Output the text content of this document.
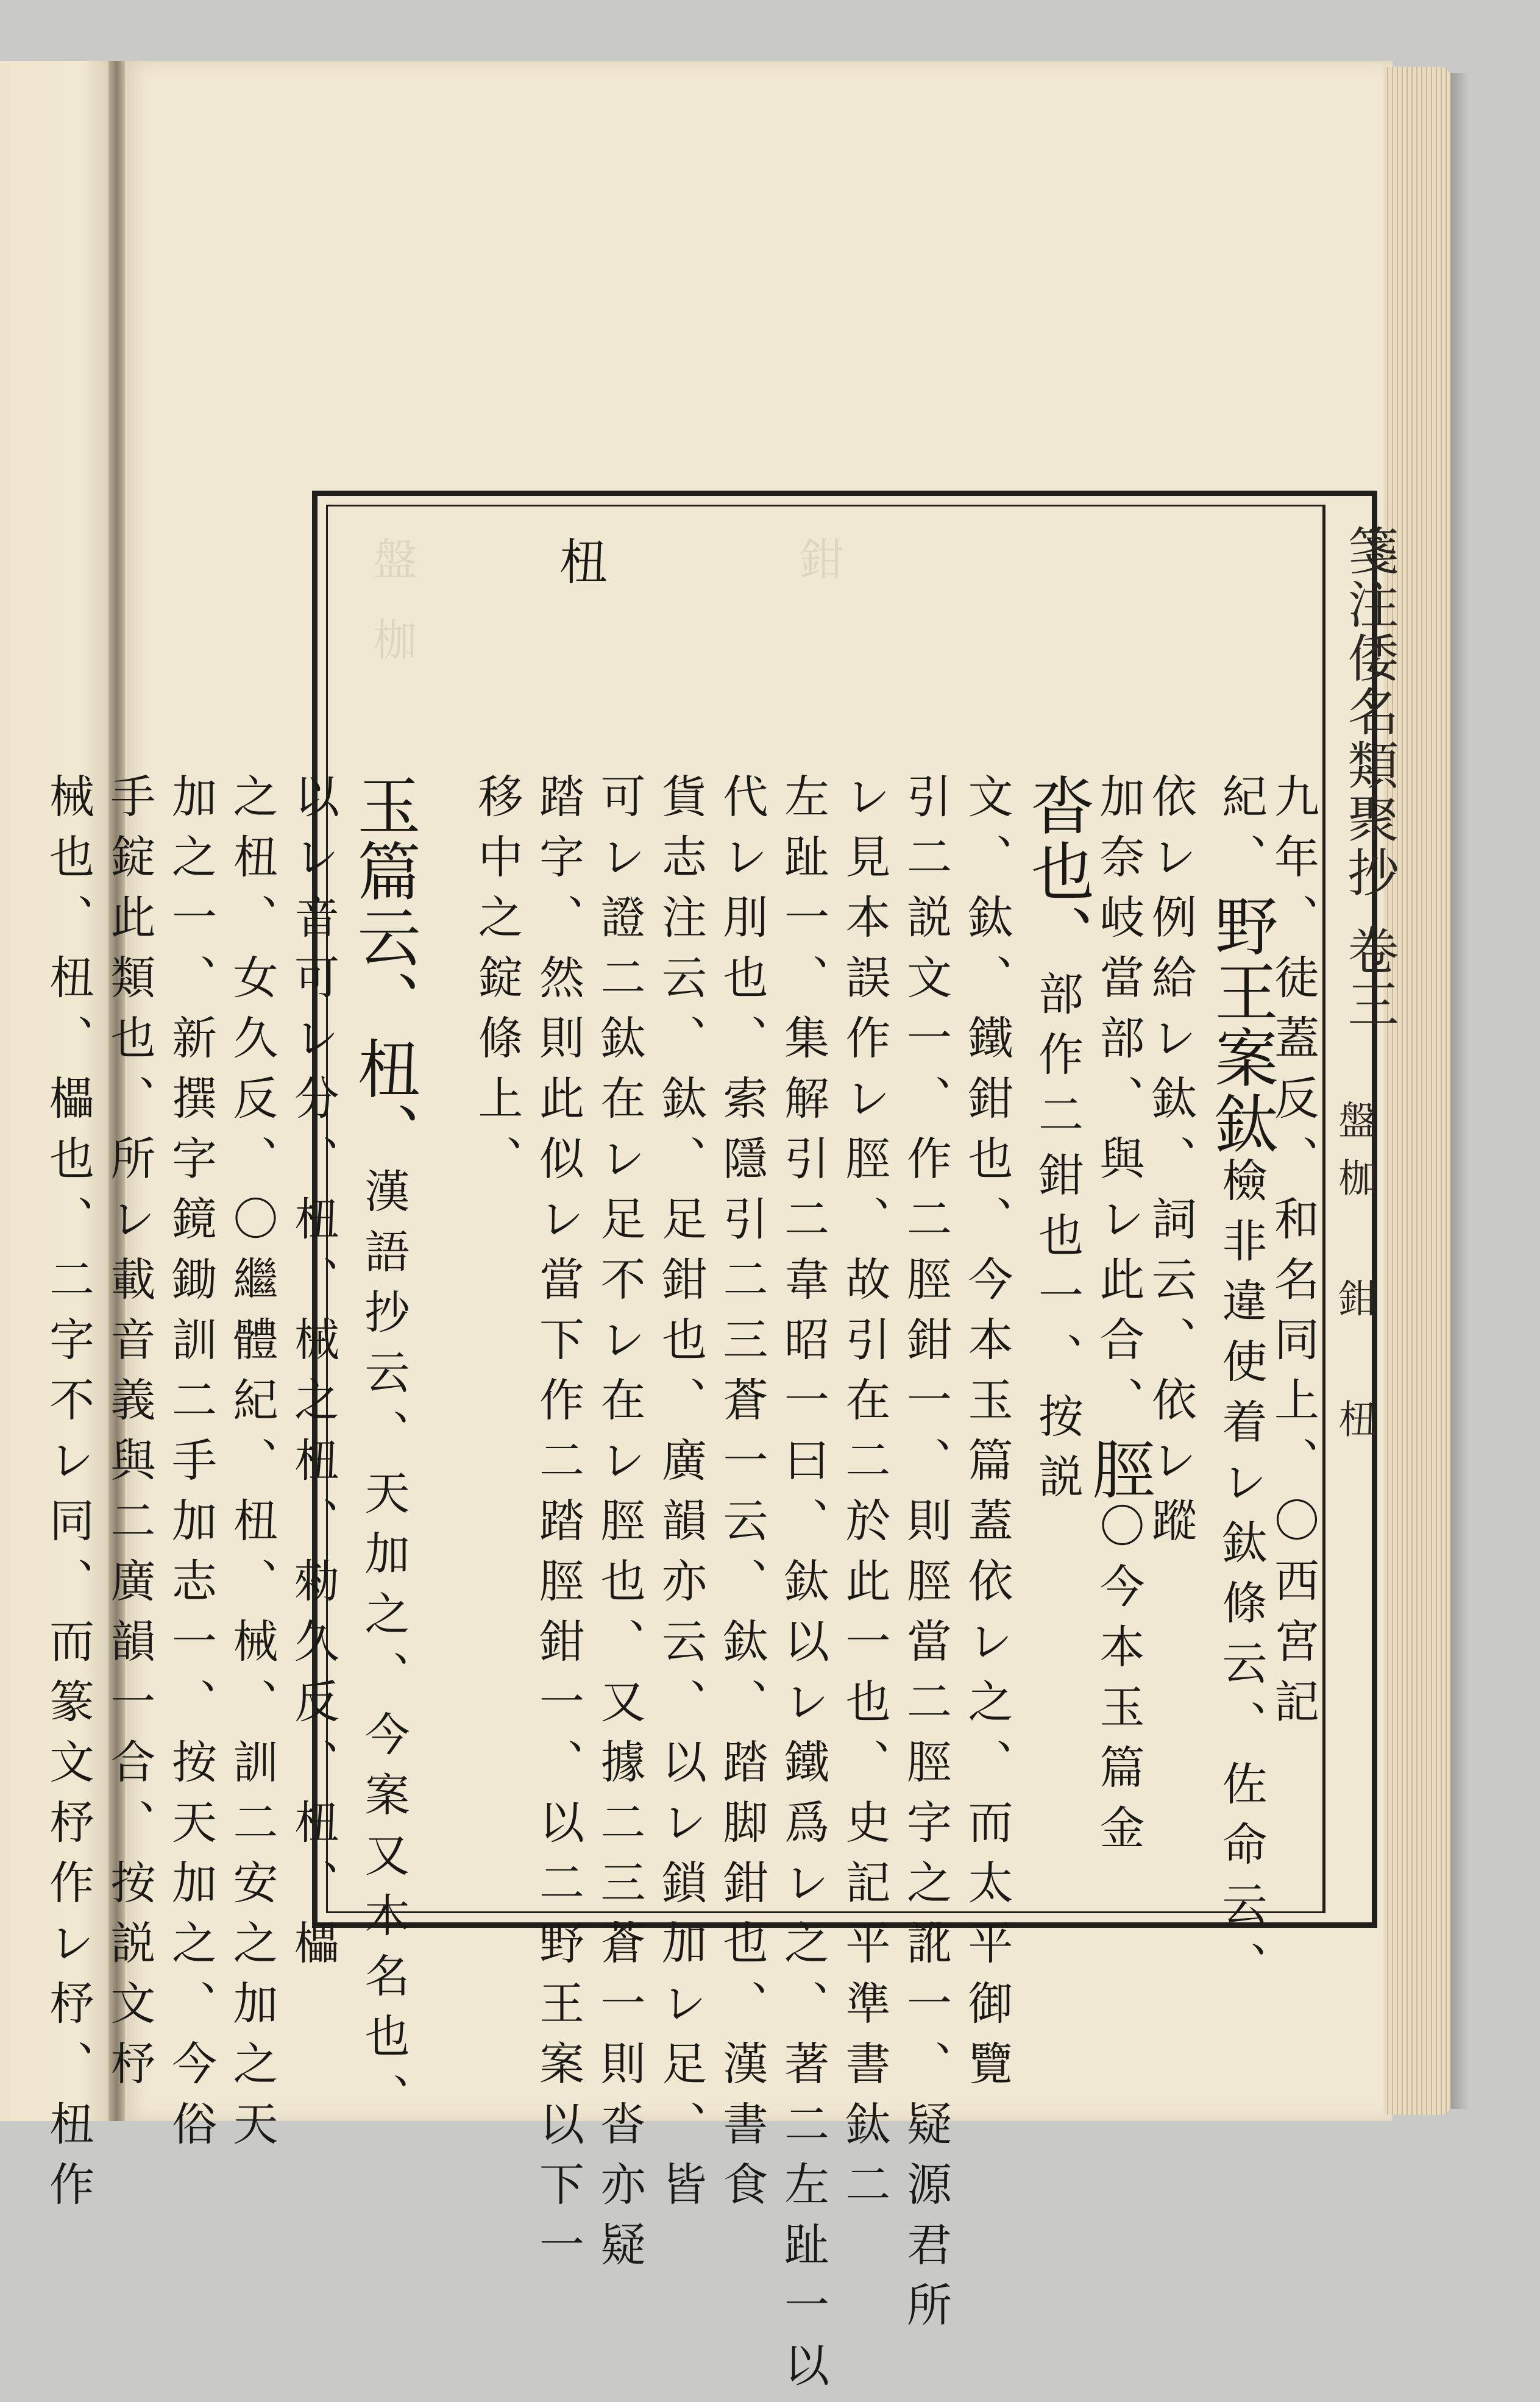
鉗
盤枷	箋注倭名類聚抄卷三
盤枷 鉗 杻
杻
九年、徒蓋反、和名同上、〇西宮記
紀、野王案鈦檢非違使着レ鈦條云、佐命云、
依レ例給レ鈦、詞云、依レ蹤
加奈岐當部、與レ此合、脛〇今本玉篇金
沓也、部作二鉗也一、按説
文、鈦、鐵鉗也、今本玉篇蓋依レ之、而太平御覽
引二説文一、作二脛鉗一、則脛當二脛字之訛一、疑源君所
レ見本誤作レ脛、故引在二於此一也、史記平準書鈦二
左趾一、集解引二韋昭一曰、鈦以レ鐵爲レ之、著二左趾一以
代レ刖也、索隱引二三蒼一云、鈦、踏脚鉗也、漢書食
貨志注云、鈦、足鉗也、廣韻亦云、以レ鎖加レ足、皆
可レ證二鈦在レ足不レ在レ脛也、又據二三蒼一則沓亦疑
踏字、然則此似レ當下作二踏脛鉗一、以二野王案以下一
移中之錠條上、
玉篇云、杻、漢語抄云、天加之、今案又木名也、
以レ音可レ分、杻、械之杻、勑久反、杻、櫑
之杻、女久反、〇繼體紀、杻、械、訓二安之加之天
加之一、新撰字鏡鋤訓二手加志一、按天加之、今俗
手錠此類也、所レ載音義與二廣韻一合、按説文杼
械也、杻、櫑也、二字不レ同、而篆文杼作レ杼、杻作
